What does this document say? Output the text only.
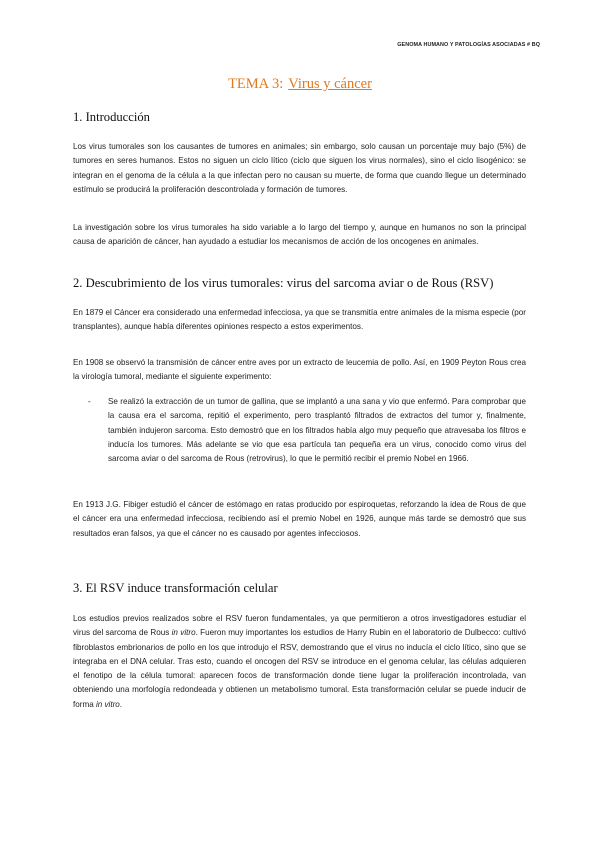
GENOMA HUMANO Y PATOLOGÍAS ASOCIADAS # BQ
TEMA 3: Virus y cáncer
1. Introducción

Los virus tumorales son los causantes de tumores en animales; sin embargo, solo causan un porcentaje muy bajo (5%) de tumores en seres humanos. Estos no siguen un ciclo lítico (ciclo que siguen los virus normales), sino el ciclo lisogénico: se integran en el genoma de la célula a la que infectan pero no causan su muerte, de forma que cuando llegue un determinado estímulo se producirá la proliferación descontrolada y formación de tumores.

La investigación sobre los virus tumorales ha sido variable a lo largo del tiempo y, aunque en humanos no son la principal causa de aparición de cáncer, han ayudado a estudiar los mecanismos de acción de los oncogenes en animales.

2. Descubrimiento de los virus tumorales: virus del sarcoma aviar o de Rous (RSV)

En 1879 el Cáncer era considerado una enfermedad infecciosa, ya que se transmitía entre animales de la misma especie (por transplantes), aunque había diferentes opiniones respecto a estos experimentos.

En 1908 se observó la transmisión de cáncer entre aves por un extracto de leucemia de pollo. Así, en 1909 Peyton Rous crea la virología tumoral, mediante el siguiente experimento:

- Se realizó la extracción de un tumor de gallina, que se implantó a una sana y vio que enfermó. Para comprobar que la causa era el sarcoma, repitió el experimento, pero trasplantó filtrados de extractos del tumor y, finalmente, también indujeron sarcoma. Esto demostró que en los filtrados había algo muy pequeño que atravesaba los filtros e inducía los tumores. Más adelante se vio que esa partícula tan pequeña era un virus, conocido como virus del sarcoma aviar o del sarcoma de Rous (retrovirus), lo que le permitió recibir el premio Nobel en 1966.

En 1913 J.G. Fibiger estudió el cáncer de estómago en ratas producido por espiroquetas, reforzando la idea de Rous de que el cáncer era una enfermedad infecciosa, recibiendo así el premio Nobel en 1926, aunque más tarde se demostró que sus resultados eran falsos, ya que el cáncer no es causado por agentes infecciosos.

3. El RSV induce transformación celular

Los estudios previos realizados sobre el RSV fueron fundamentales, ya que permitieron a otros investigadores estudiar el virus del sarcoma de Rous in vitro. Fueron muy importantes los estudios de Harry Rubin en el laboratorio de Dulbecco: cultivó fibroblastos embrionarios de pollo en los que introdujo el RSV, demostrando que el virus no inducía el ciclo lítico, sino que se integraba en el DNA celular. Tras esto, cuando el oncogen del RSV se introduce en el genoma celular, las células adquieren el fenotipo de la célula tumoral: aparecen focos de transformación donde tiene lugar la proliferación incontrolada, van obteniendo una morfología redondeada y obtienen un metabolismo tumoral. Esta transformación celular se puede inducir de forma in vitro.
